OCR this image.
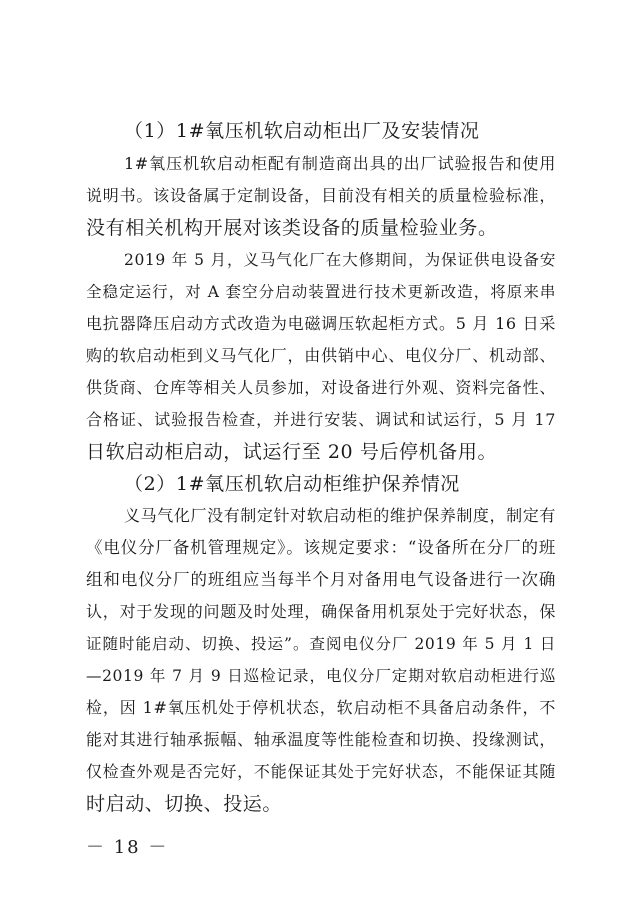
（1）1#氧压机软启动柜出厂及安装情况
1#氧压机软启动柜配有制造商出具的出厂试验报告和使用
说明书。该设备属于定制设备，目前没有相关的质量检验标准，
没有相关机构开展对该类设备的质量检验业务。
2019 年 5 月，义马气化厂在大修期间，为保证供电设备安
全稳定运行，对 A 套空分启动装置进行技术更新改造，将原来串
电抗器降压启动方式改造为电磁调压软起柜方式。5 月 16 日采
购的软启动柜到义马气化厂，由供销中心、电仪分厂、机动部、
供货商、仓库等相关人员参加，对设备进行外观、资料完备性、
合格证、试验报告检查，并进行安装、调试和试运行，5 月 17
日软启动柜启动，试运行至 20 号后停机备用。
（2）1#氧压机软启动柜维护保养情况
义马气化厂没有制定针对软启动柜的维护保养制度，制定有
《电仪分厂备机管理规定》。该规定要求：“设备所在分厂的班
组和电仪分厂的班组应当每半个月对备用电气设备进行一次确
认，对于发现的问题及时处理，确保备用机泵处于完好状态，保
证随时能启动、切换、投运”。查阅电仪分厂 2019 年 5 月 1 日
—2019 年 7 月 9 日巡检记录，电仪分厂定期对软启动柜进行巡
检，因 1#氧压机处于停机状态，软启动柜不具备启动条件，不
能对其进行轴承振幅、轴承温度等性能检查和切换、投缘测试，
仅检查外观是否完好，不能保证其处于完好状态，不能保证其随
时启动、切换、投运。
－ 18 －
